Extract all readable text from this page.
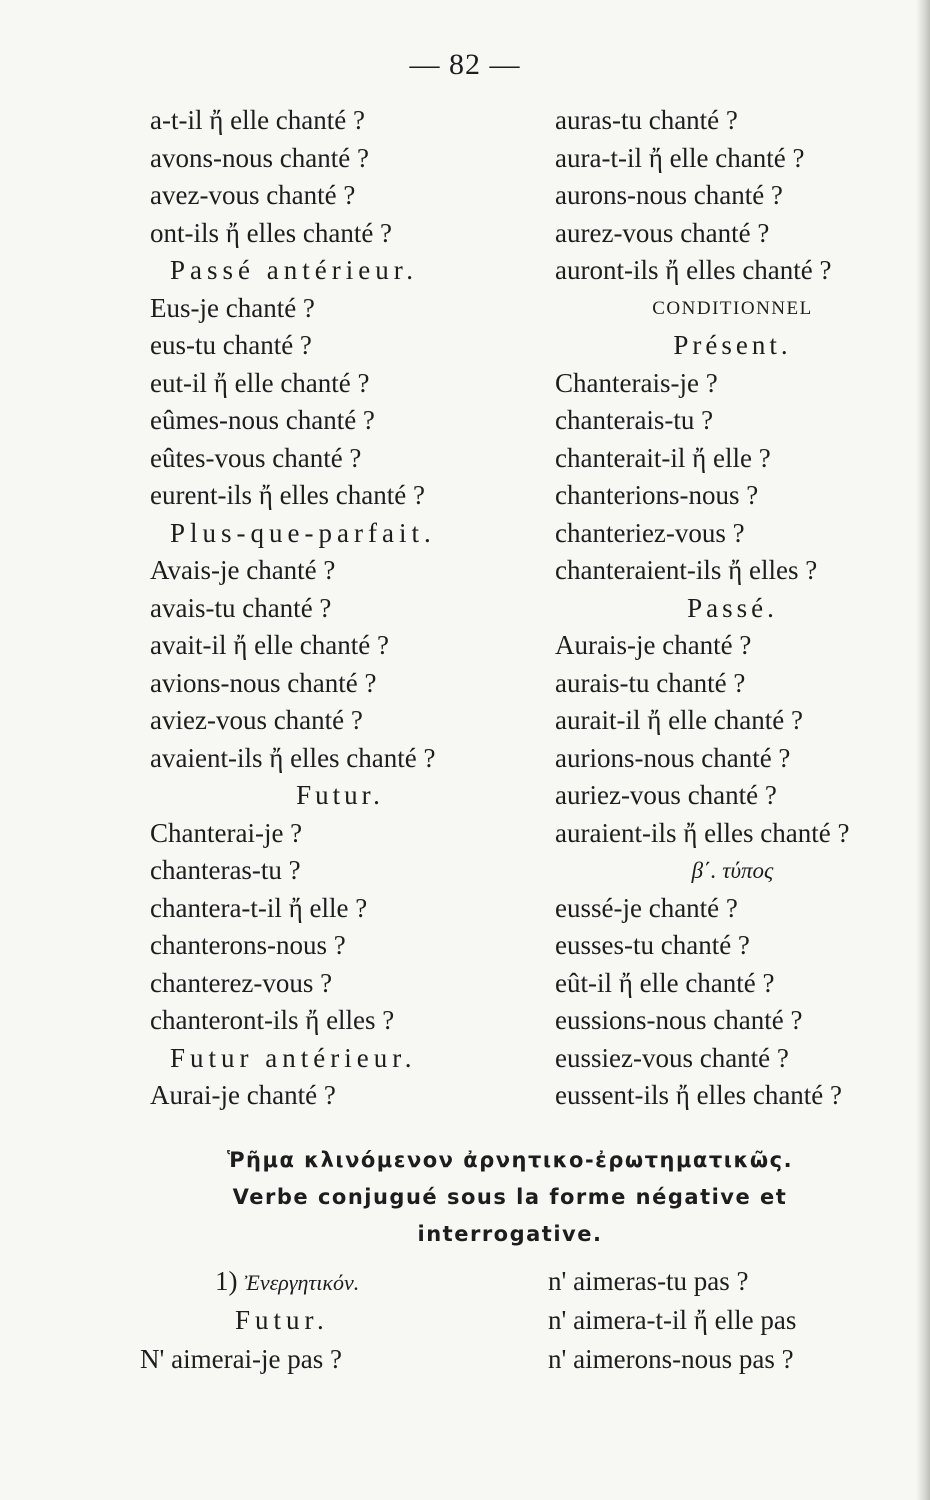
— 82 —
a-t-il ἤ elle chanté ?
avons-nous chanté ?
avez-vous chanté ?
ont-ils ἤ elles chanté ?
Passé antérieur.
Eus-je chanté ?
eus-tu chanté ?
eut-il ἤ elle chanté ?
eûmes-nous chanté ?
eûtes-vous chanté ?
eurent-ils ἤ elles chanté ?
Plus-que-parfait.
Avais-je chanté ?
avais-tu chanté ?
avait-il ἤ elle chanté ?
avions-nous chanté ?
aviez-vous chanté ?
avaient-ils ἤ elles chanté ?
Futur.
Chanterai-je ?
chanteras-tu ?
chantera-t-il ἤ elle ?
chanterons-nous ?
chanterez-vous ?
chanteront-ils ἤ elles ?
Futur antérieur.
Aurai-je chanté ?
auras-tu chanté ?
aura-t-il ἤ elle chanté ?
aurons-nous chanté ?
aurez-vous chanté ?
auront-ils ἤ elles chanté ?
CONDITIONNEL
Présent.
Chanterais-je ?
chanterais-tu ?
chanterait-il ἤ elle ?
chanterions-nous ?
chanteriez-vous ?
chanteraient-ils ἤ elles ?
Passé.
Aurais-je chanté ?
aurais-tu chanté ?
aurait-il ἤ elle chanté ?
aurions-nous chanté ?
auriez-vous chanté ?
auraient-ils ἤ elles chanté ?
β΄. τύπος
eussé-je chanté ?
eusses-tu chanté ?
eût-il ἤ elle chanté ?
eussions-nous chanté ?
eussiez-vous chanté ?
eussent-ils ἤ elles chanté ?
Ῥῆμα κλινόμενον ἀρνητικο-ἐρωτηματικῶς.
Verbe conjugué sous la forme négative et
interrogative.
1) Ἐνεργητικόν.
Futur.
N' aimerai-je pas ?
n' aimeras-tu pas ?
n' aimera-t-il ἤ elle pas
n' aimerons-nous pas ?
